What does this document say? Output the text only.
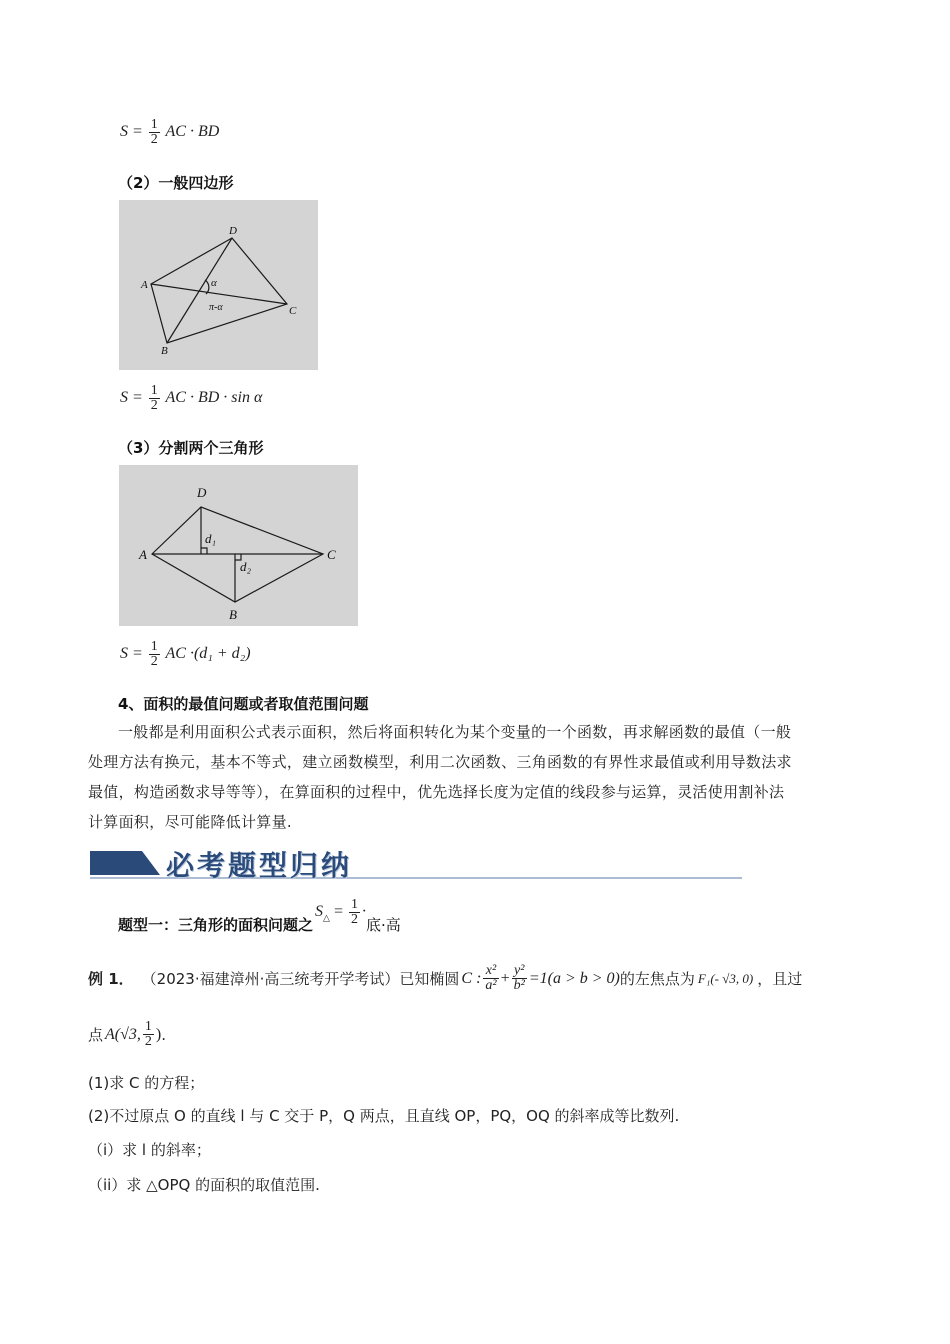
$S = \frac{1}{2}$ AC · BD
（2）一般四边形
A
D
C
B
α
π-α
$S = \frac{1}{2}$ AC · BD · sin α
（3）分割两个三角形
A
D
C
B
d₁
d₂
$S = \frac{1}{2}$ AC ·(d₁ + d₂)
4、面积的最值问题或者取值范围问题
一般都是利用面积公式表示面积，然后将面积转化为某个变量的一个函数，再求解函数的最值（一般
处理方法有换元，基本不等式，建立函数模型，利用二次函数、三角函数的有界性求最值或利用导数法求
最值，构造函数求导等等），在算面积的过程中，优先选择长度为定值的线段参与运算，灵活使用割补法
计算面积，尽可能降低计算量.
必考题型归纳
题型一：三角形的面积问题之
$S_\triangle = \frac{1}{2}$ ·
底·高
例 1． （2023·福建漳州·高三统考开学考试）已知椭圆 C : $\frac{\text{x²}}{\text{a²}} + \frac{\text{y²}}{\text{b²}} =1(a > b > 0)$ 的左焦点为 F₁(- √3, 0) ，且过
点 A(√3, $\frac{1}{2}$ ) .
(1)求 C 的方程；
(2)不过原点 O 的直线 l 与 C 交于 P，Q 两点，且直线 OP，PQ，OQ 的斜率成等比数列.
（i）求 l 的斜率；
（ii）求 △OPQ 的面积的取值范围.
